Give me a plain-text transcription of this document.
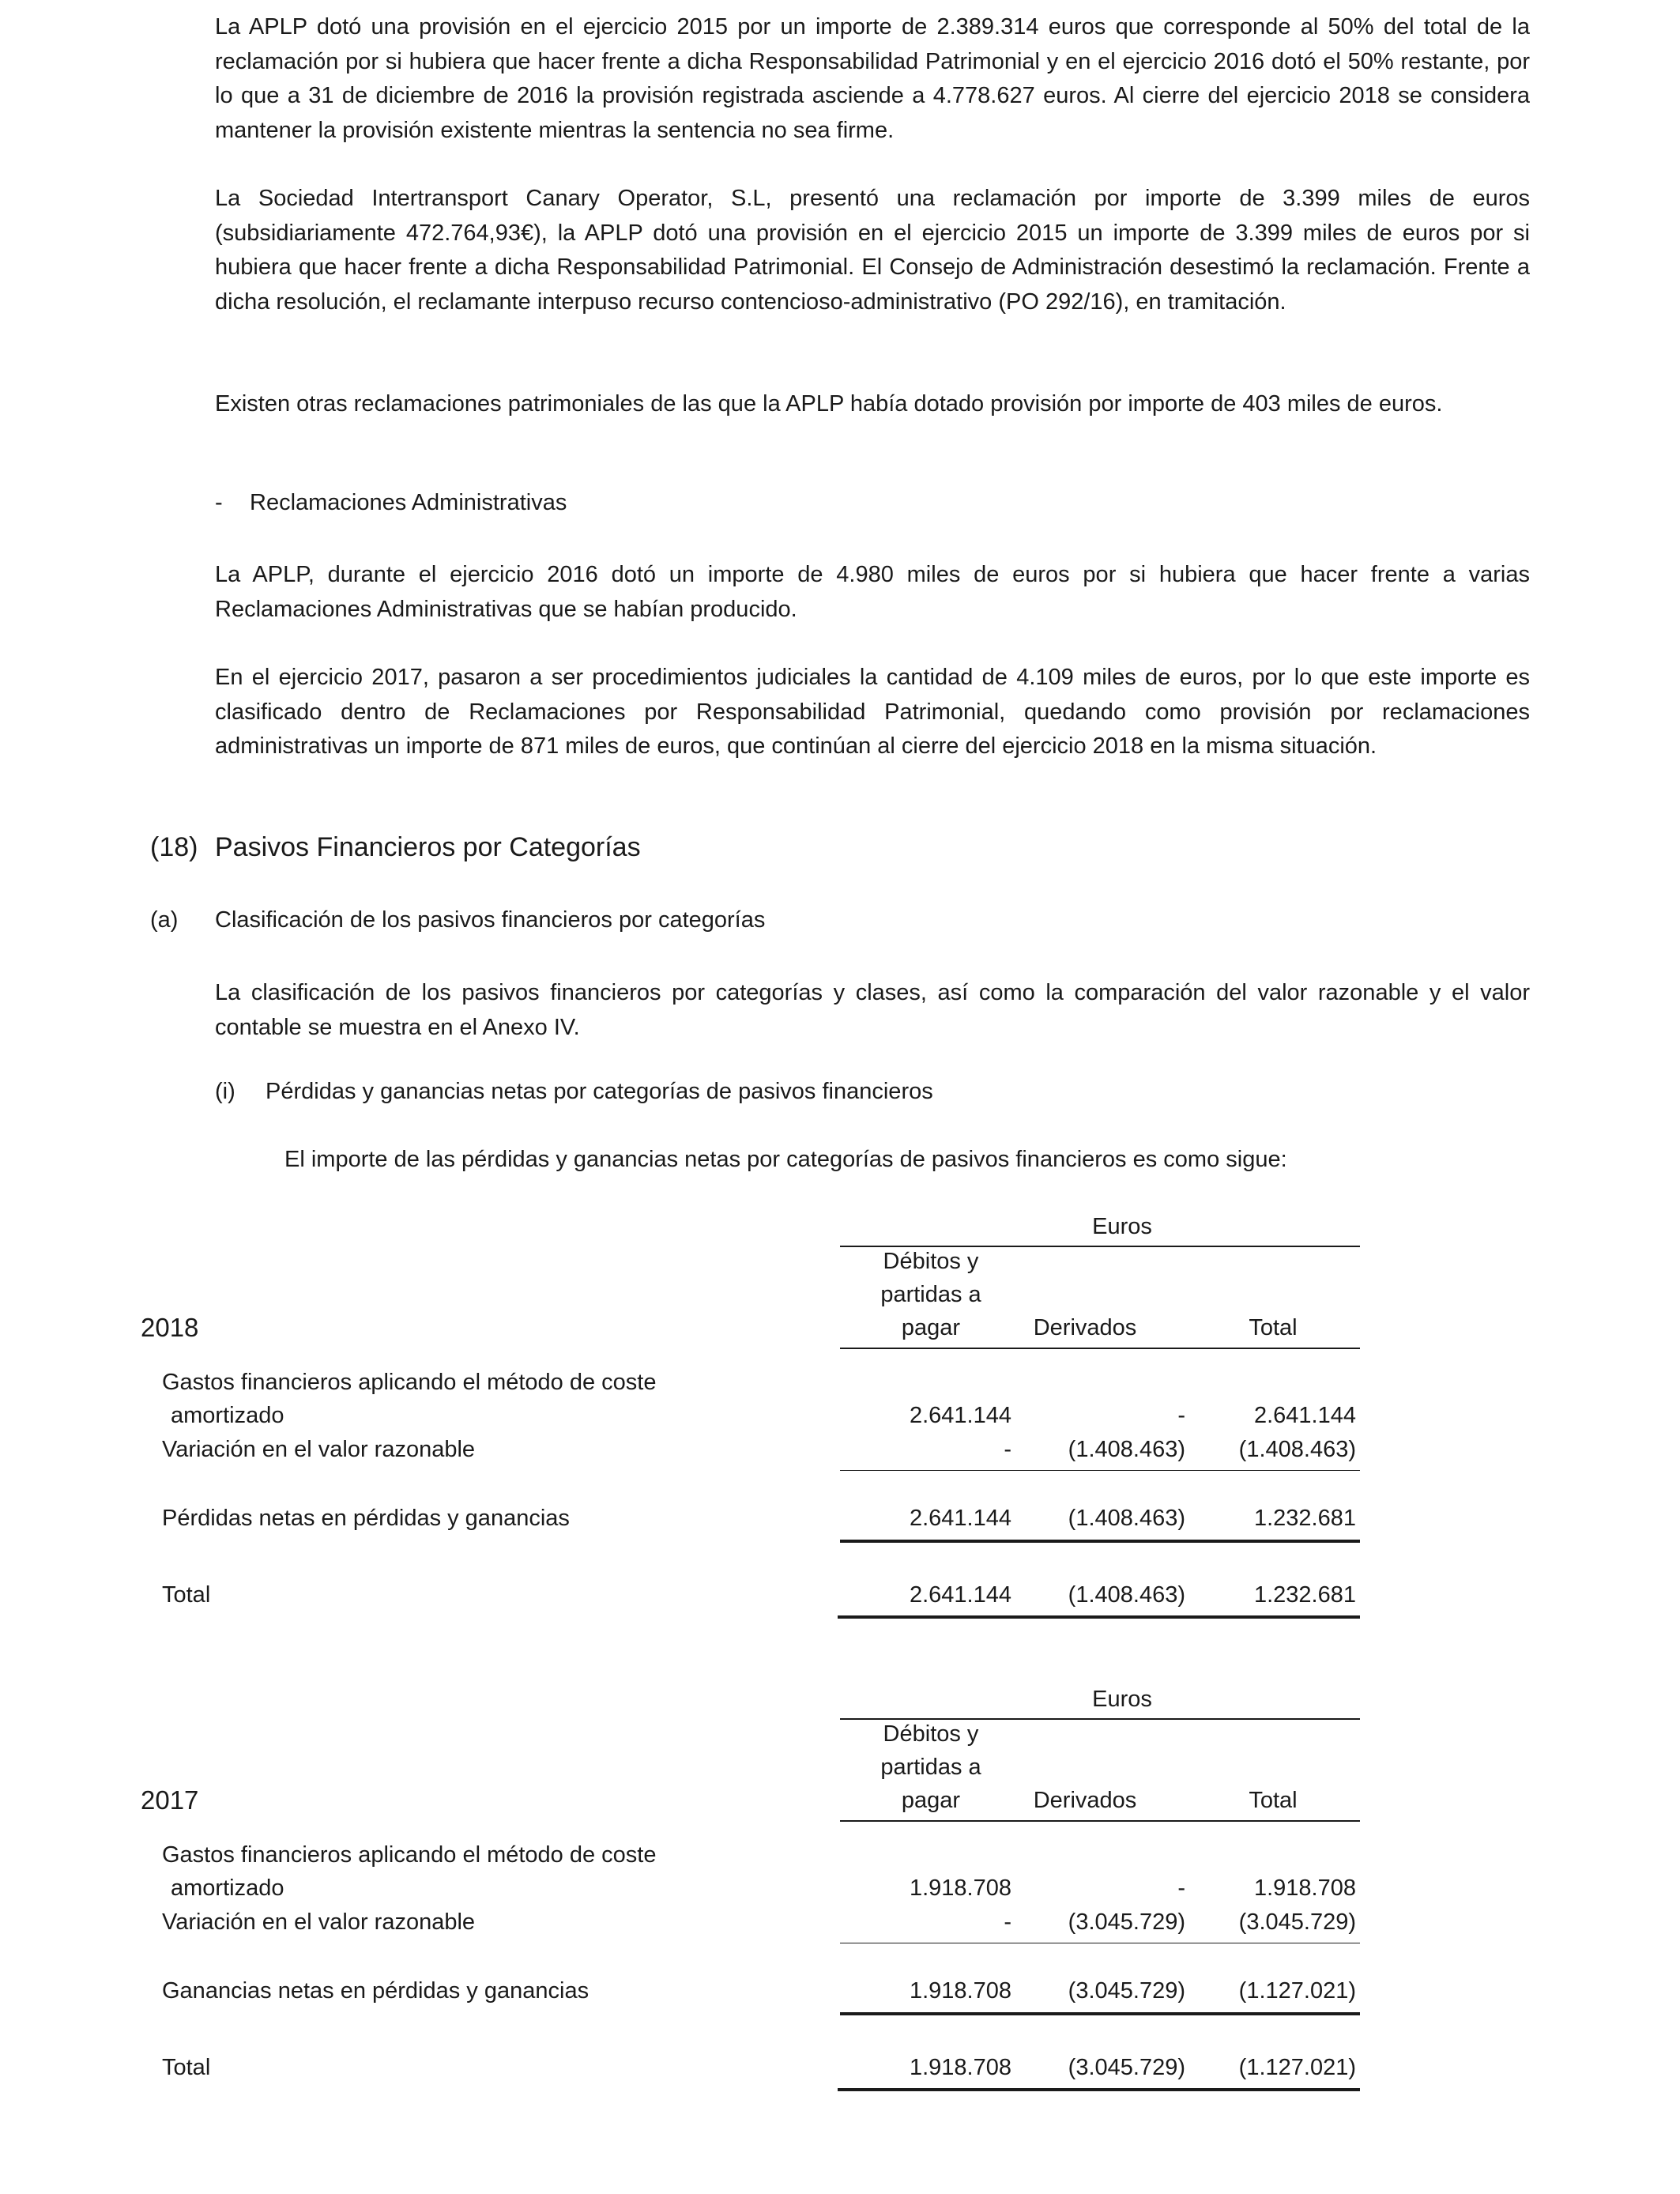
La APLP dotó una provisión en el ejercicio 2015 por un importe de 2.389.314 euros que corresponde al 50% del total de la reclamación por si hubiera que hacer frente a dicha Responsabilidad Patrimonial y en el ejercicio 2016 dotó el 50% restante, por lo que a 31 de diciembre de 2016 la provisión registrada asciende a 4.778.627 euros. Al cierre del ejercicio 2018 se considera mantener la provisión existente mientras la sentencia no sea firme.

La Sociedad Intertransport Canary Operator, S.L, presentó una reclamación por importe de 3.399 miles de euros (subsidiariamente 472.764,93€), la APLP dotó una provisión en el ejercicio 2015 un importe de 3.399 miles de euros por si hubiera que hacer frente a dicha Responsabilidad Patrimonial. El Consejo de Administración desestimó la reclamación. Frente a dicha resolución, el reclamante interpuso recurso contencioso-administrativo (PO 292/16), en tramitación.

Existen otras reclamaciones patrimoniales de las que la APLP había dotado provisión por importe de 403 miles de euros.

- Reclamaciones Administrativas

La APLP, durante el ejercicio 2016 dotó un importe de 4.980 miles de euros por si hubiera que hacer frente a varias Reclamaciones Administrativas que se habían producido.

En el ejercicio 2017, pasaron a ser procedimientos judiciales la cantidad de 4.109 miles de euros, por lo que este importe es clasificado dentro de Reclamaciones por Responsabilidad Patrimonial, quedando como provisión por reclamaciones administrativas un importe de 871 miles de euros, que continúan al cierre del ejercicio 2018 en la misma situación.

(18) Pasivos Financieros por Categorías
(a) Clasificación de los pasivos financieros por categorías

La clasificación de los pasivos financieros por categorías y clases, así como la comparación del valor razonable y el valor contable se muestra en el Anexo IV.

(i) Pérdidas y ganancias netas por categorías de pasivos financieros
El importe de las pérdidas y ganancias netas por categorías de pasivos financieros es como sigue:
Euros
Débitos y
partidas a
pagar	Derivados	Total
2018
Gastos financieros aplicando el método de coste
amortizado	2.641.144	-	2.641.144
Variación en el valor razonable	- (1.408.463) (1.408.463)
Pérdidas netas en pérdidas y ganancias	2.641.144 (1.408.463)	1.232.681
Total	2.641.144 (1.408.463)	1.232.681
Euros
Débitos y
partidas a
pagar	Derivados	Total
2017
Gastos financieros aplicando el método de coste
amortizado	1.918.708	-	1.918.708
Variación en el valor razonable	- (3.045.729) (3.045.729)
Ganancias netas en pérdidas y ganancias	1.918.708 (3.045.729) (1.127.021)
Total	1.918.708 (3.045.729) (1.127.021)
